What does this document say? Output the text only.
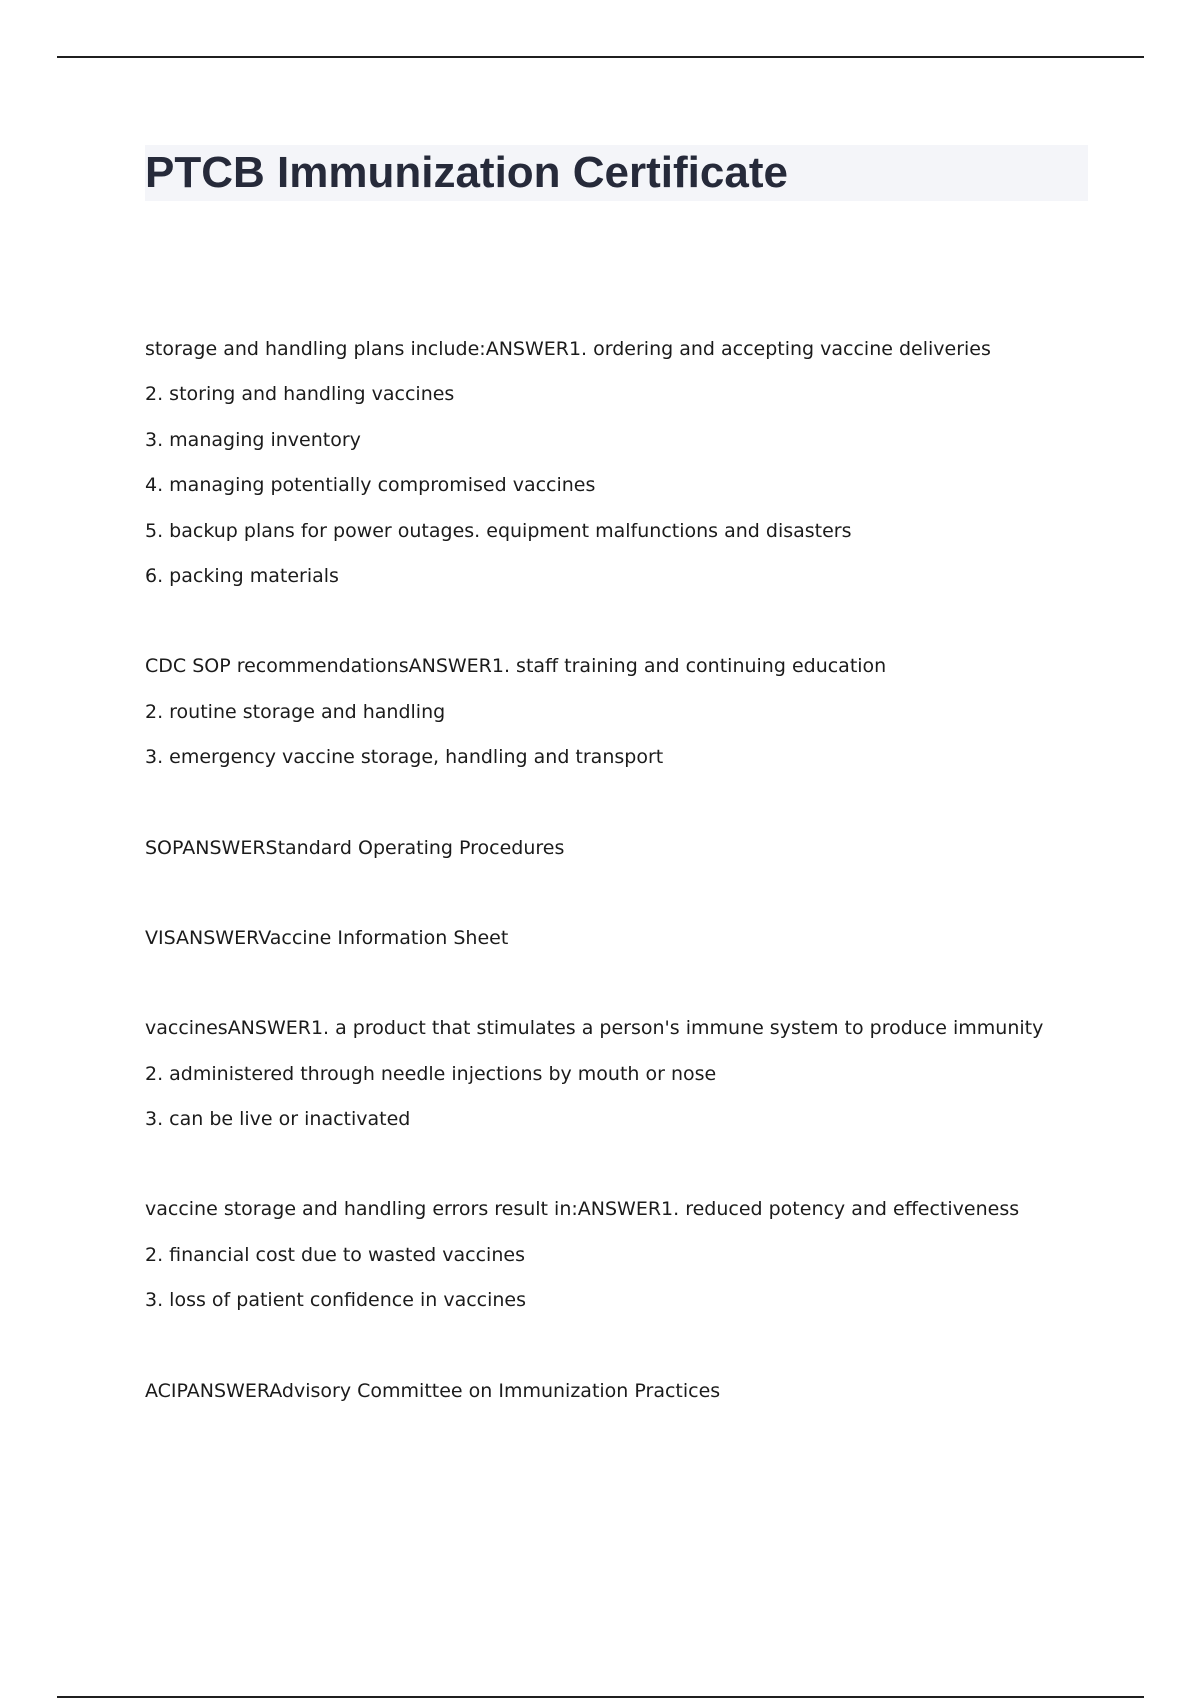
PTCB Immunization Certificate
storage and handling plans include:ANSWER1. ordering and accepting vaccine deliveries
2. storing and handling vaccines
3. managing inventory
4. managing potentially compromised vaccines
5. backup plans for power outages. equipment malfunctions and disasters
6. packing materials
CDC SOP recommendationsANSWER1. staff training and continuing education
2. routine storage and handling
3. emergency vaccine storage, handling and transport
SOPANSWERStandard Operating Procedures
VISANSWERVaccine Information Sheet
vaccinesANSWER1. a product that stimulates a person's immune system to produce immunity
2. administered through needle injections by mouth or nose
3. can be live or inactivated
vaccine storage and handling errors result in:ANSWER1. reduced potency and effectiveness
2. financial cost due to wasted vaccines
3. loss of patient confidence in vaccines
ACIPANSWERAdvisory Committee on Immunization Practices
